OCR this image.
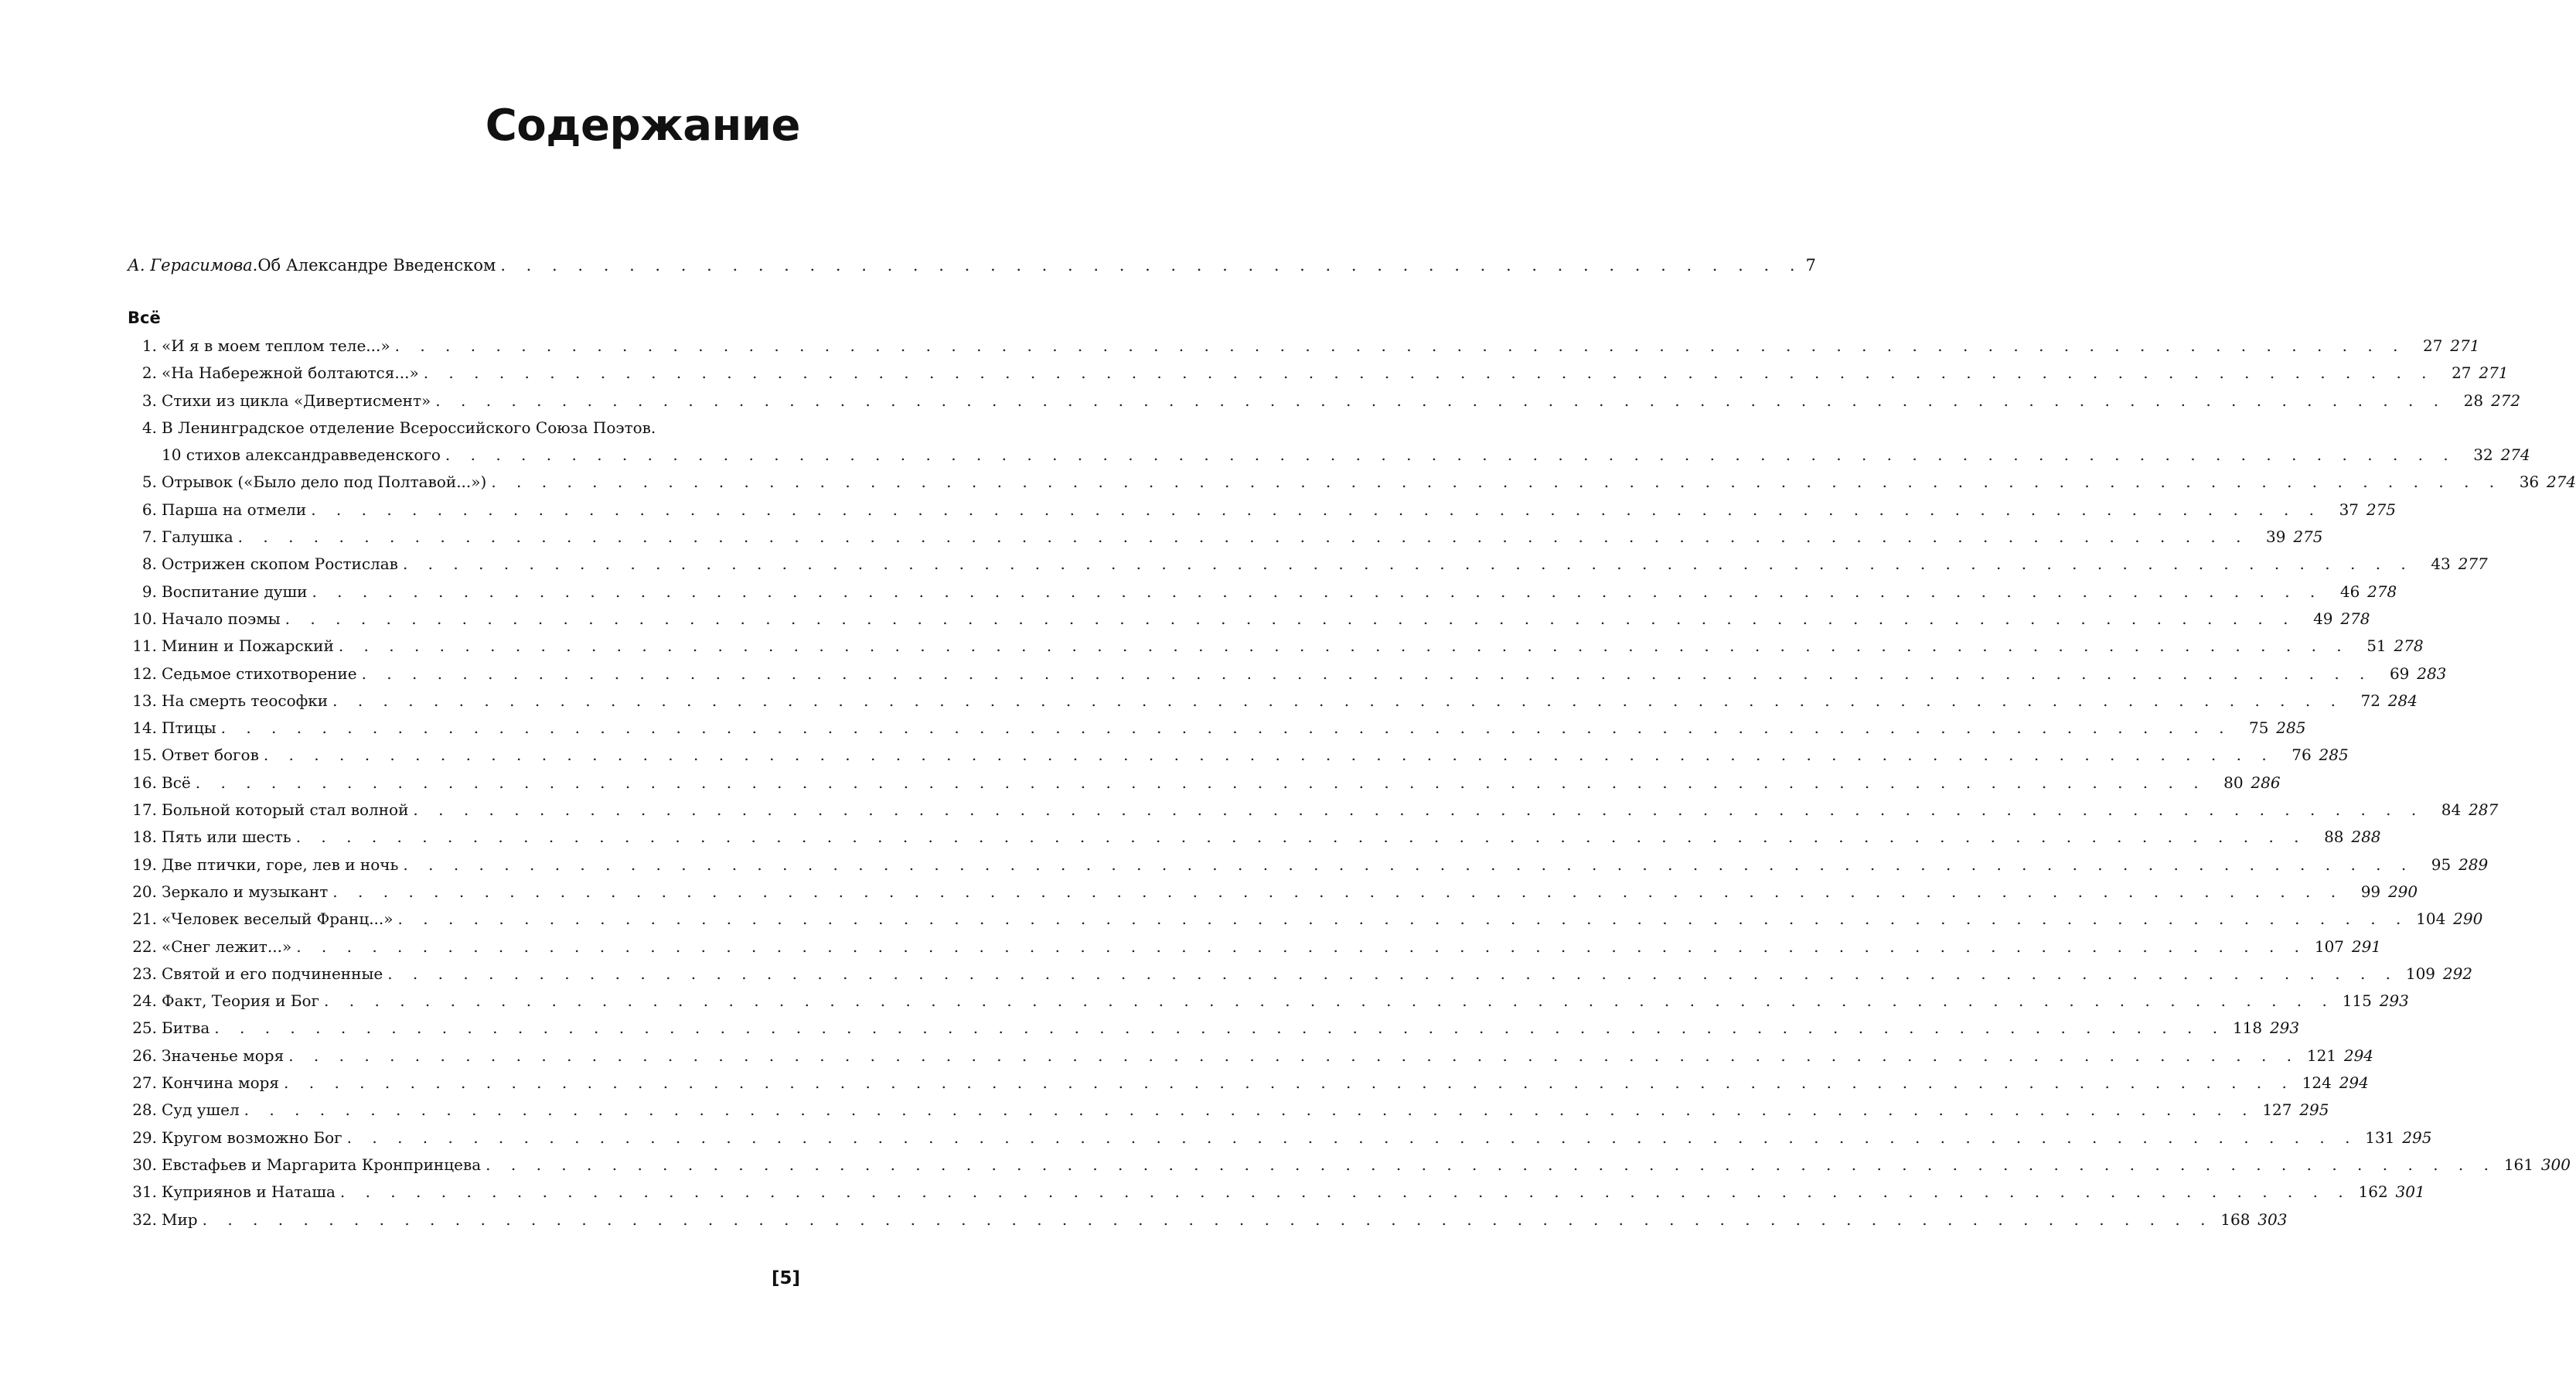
Содержание
А. Герасимова. Об Александре Введенском . . . . . . . . . . . . . . . . . . . . . . . . . . . . . . . . . . . . . . . . . . . . . . . . . . . 7
Всё
1. «И я в моем теплом теле...» . . . . . . . . . . . . . . . . . . . . . . . . . . . . . . . . . . . . . . . . . . . . . . . . . . . . . . . . . . . . . . . . . . . . . . . . . . . . . . . .	27 271
2. «На Набережной болтаются...» . . . . . . . . . . . . . . . . . . . . . . . . . . . . . . . . . . . . . . . . . . . . . . . . . . . . . . . . . . . . . . . . . . . . . . . . . . . . . . . .	27 271
3. Стихи из цикла «Дивертисмент» . . . . . . . . . . . . . . . . . . . . . . . . . . . . . . . . . . . . . . . . . . . . . . . . . . . . . . . . . . . . . . . . . . . . . . . . . . . . . . . .	28 272
4. В Ленинградское отделение Всероссийского Союза Поэтов.
10 стихов александравведенского . . . . . . . . . . . . . . . . . . . . . . . . . . . . . . . . . . . . . . . . . . . . . . . . . . . . . . . . . . . . . . . . . . . . . . . . . . . . . . . .	32 274
5. Отрывок («Было дело под Полтавой...») . . . . . . . . . . . . . . . . . . . . . . . . . . . . . . . . . . . . . . . . . . . . . . . . . . . . . . . . . . . . . . . . . . . . . . . . . . . . . . . .	36 274
6. Парша на отмели . . . . . . . . . . . . . . . . . . . . . . . . . . . . . . . . . . . . . . . . . . . . . . . . . . . . . . . . . . . . . . . . . . . . . . . . . . . . . . . .	37 275
7. Галушка . . . . . . . . . . . . . . . . . . . . . . . . . . . . . . . . . . . . . . . . . . . . . . . . . . . . . . . . . . . . . . . . . . . . . . . . . . . . . . . .	39 275
8. Острижен скопом Ростислав . . . . . . . . . . . . . . . . . . . . . . . . . . . . . . . . . . . . . . . . . . . . . . . . . . . . . . . . . . . . . . . . . . . . . . . . . . . . . . . .	43 277
9. Воспитание души . . . . . . . . . . . . . . . . . . . . . . . . . . . . . . . . . . . . . . . . . . . . . . . . . . . . . . . . . . . . . . . . . . . . . . . . . . . . . . . .	46 278
10. Начало поэмы . . . . . . . . . . . . . . . . . . . . . . . . . . . . . . . . . . . . . . . . . . . . . . . . . . . . . . . . . . . . . . . . . . . . . . . . . . . . . . . .	49 278
11. Минин и Пожарский . . . . . . . . . . . . . . . . . . . . . . . . . . . . . . . . . . . . . . . . . . . . . . . . . . . . . . . . . . . . . . . . . . . . . . . . . . . . . . . .	51 278
12. Седьмое стихотворение . . . . . . . . . . . . . . . . . . . . . . . . . . . . . . . . . . . . . . . . . . . . . . . . . . . . . . . . . . . . . . . . . . . . . . . . . . . . . . . .	69 283
13. На смерть теософки . . . . . . . . . . . . . . . . . . . . . . . . . . . . . . . . . . . . . . . . . . . . . . . . . . . . . . . . . . . . . . . . . . . . . . . . . . . . . . . .	72 284
14. Птицы . . . . . . . . . . . . . . . . . . . . . . . . . . . . . . . . . . . . . . . . . . . . . . . . . . . . . . . . . . . . . . . . . . . . . . . . . . . . . . . .	75 285
15. Ответ богов . . . . . . . . . . . . . . . . . . . . . . . . . . . . . . . . . . . . . . . . . . . . . . . . . . . . . . . . . . . . . . . . . . . . . . . . . . . . . . . .	76 285
16. Всё . . . . . . . . . . . . . . . . . . . . . . . . . . . . . . . . . . . . . . . . . . . . . . . . . . . . . . . . . . . . . . . . . . . . . . . . . . . . . . . .	80 286
17. Больной который стал волной . . . . . . . . . . . . . . . . . . . . . . . . . . . . . . . . . . . . . . . . . . . . . . . . . . . . . . . . . . . . . . . . . . . . . . . . . . . . . . . .	84 287
18. Пять или шесть . . . . . . . . . . . . . . . . . . . . . . . . . . . . . . . . . . . . . . . . . . . . . . . . . . . . . . . . . . . . . . . . . . . . . . . . . . . . . . . .	88 288
19. Две птички, горе, лев и ночь . . . . . . . . . . . . . . . . . . . . . . . . . . . . . . . . . . . . . . . . . . . . . . . . . . . . . . . . . . . . . . . . . . . . . . . . . . . . . . . .	95 289
20. Зеркало и музыкант . . . . . . . . . . . . . . . . . . . . . . . . . . . . . . . . . . . . . . . . . . . . . . . . . . . . . . . . . . . . . . . . . . . . . . . . . . . . . . . .	99 290
21. «Человек веселый Франц...» . . . . . . . . . . . . . . . . . . . . . . . . . . . . . . . . . . . . . . . . . . . . . . . . . . . . . . . . . . . . . . . . . . . . . . . . . . . . . . . . 104 290
22. «Снег лежит...» . . . . . . . . . . . . . . . . . . . . . . . . . . . . . . . . . . . . . . . . . . . . . . . . . . . . . . . . . . . . . . . . . . . . . . . . . . . . . . . . 107 291
23. Святой и его подчиненные . . . . . . . . . . . . . . . . . . . . . . . . . . . . . . . . . . . . . . . . . . . . . . . . . . . . . . . . . . . . . . . . . . . . . . . . . . . . . . . . 109 292
24. Факт, Теория и Бог . . . . . . . . . . . . . . . . . . . . . . . . . . . . . . . . . . . . . . . . . . . . . . . . . . . . . . . . . . . . . . . . . . . . . . . . . . . . . . . . 115 293
25. Битва . . . . . . . . . . . . . . . . . . . . . . . . . . . . . . . . . . . . . . . . . . . . . . . . . . . . . . . . . . . . . . . . . . . . . . . . . . . . . . . . 118 293
26. Значенье моря . . . . . . . . . . . . . . . . . . . . . . . . . . . . . . . . . . . . . . . . . . . . . . . . . . . . . . . . . . . . . . . . . . . . . . . . . . . . . . . . 121 294
27. Кончина моря . . . . . . . . . . . . . . . . . . . . . . . . . . . . . . . . . . . . . . . . . . . . . . . . . . . . . . . . . . . . . . . . . . . . . . . . . . . . . . . . 124 294
28. Суд ушел . . . . . . . . . . . . . . . . . . . . . . . . . . . . . . . . . . . . . . . . . . . . . . . . . . . . . . . . . . . . . . . . . . . . . . . . . . . . . . . . 127 295
29. Кругом возможно Бог . . . . . . . . . . . . . . . . . . . . . . . . . . . . . . . . . . . . . . . . . . . . . . . . . . . . . . . . . . . . . . . . . . . . . . . . . . . . . . . . 131 295
30. Евстафьев и Маргарита Кронпринцева . . . . . . . . . . . . . . . . . . . . . . . . . . . . . . . . . . . . . . . . . . . . . . . . . . . . . . . . . . . . . . . . . . . . . . . . . . . . . . . . 161 300
31. Куприянов и Наташа . . . . . . . . . . . . . . . . . . . . . . . . . . . . . . . . . . . . . . . . . . . . . . . . . . . . . . . . . . . . . . . . . . . . . . . . . . . . . . . . 162 301
32. Мир . . . . . . . . . . . . . . . . . . . . . . . . . . . . . . . . . . . . . . . . . . . . . . . . . . . . . . . . . . . . . . . . . . . . . . . . . . . . . . . . 168 303
[5]
